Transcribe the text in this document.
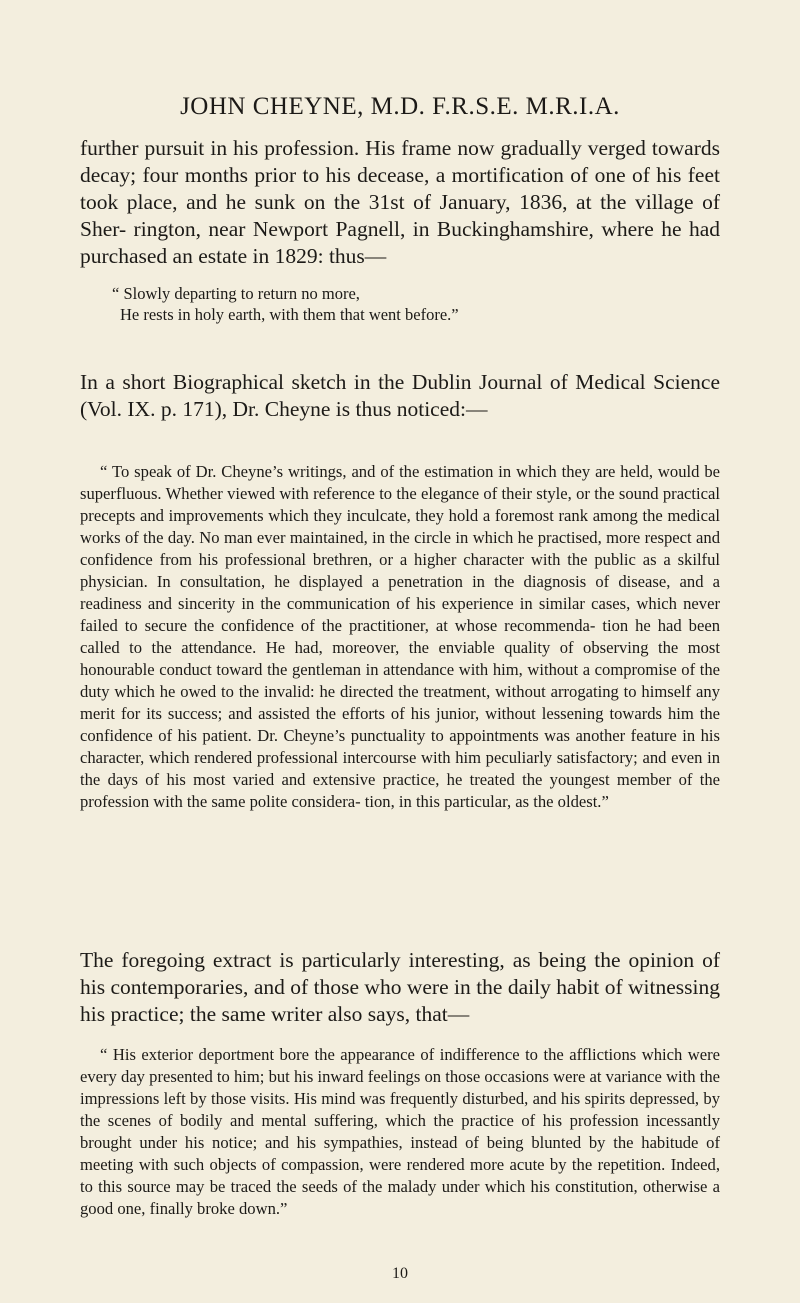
JOHN CHEYNE, M.D. F.R.S.E. M.R.I.A.

further pursuit in his profession. His frame now gradually verged towards decay; four months prior to his decease, a mortification of one of his feet took place, and he sunk on the 31st of January, 1836, at the village of Sher- rington, near Newport Pagnell, in Buckinghamshire, where he had purchased an estate in 1829: thus—

“ Slowly departing to return no more,
He rests in holy earth, with them that went before.”

In a short Biographical sketch in the Dublin Journal of Medical Science (Vol. IX. p. 171), Dr. Cheyne is thus noticed:—

“ To speak of Dr. Cheyne’s writings, and of the estimation in which they are held, would be superfluous. Whether viewed with reference to the elegance of their style, or the sound practical precepts and improvements which they inculcate, they hold a foremost rank among the medical works of the day. No man ever maintained, in the circle in which he practised, more respect and confidence from his professional brethren, or a higher character with the public as a skilful physician. In consultation, he displayed a penetration in the diagnosis of disease, and a readiness and sincerity in the communication of his experience in similar cases, which never failed to secure the confidence of the practitioner, at whose recommenda- tion he had been called to the attendance. He had, moreover, the enviable quality of observing the most honourable conduct toward the gentleman in attendance with him, without a compromise of the duty which he owed to the invalid: he directed the treatment, without arrogating to himself any merit for its success; and assisted the efforts of his junior, without lessening towards him the confidence of his patient. Dr. Cheyne’s punctuality to appointments was another feature in his character, which rendered professional intercourse with him peculiarly satisfactory; and even in the days of his most varied and extensive practice, he treated the youngest member of the profession with the same polite considera- tion, in this particular, as the oldest.”

The foregoing extract is particularly interesting, as being the opinion of his contemporaries, and of those who were in the daily habit of witnessing his practice; the same writer also says, that—

“ His exterior deportment bore the appearance of indifference to the afflictions which were every day presented to him; but his inward feelings on those occasions were at variance with the impressions left by those visits. His mind was frequently disturbed, and his spirits depressed, by the scenes of bodily and mental suffering, which the practice of his profession incessantly brought under his notice; and his sympathies, instead of being blunted by the habitude of meeting with such objects of compassion, were rendered more acute by the repetition. Indeed, to this source may be traced the seeds of the malady under which his constitution, otherwise a good one, finally broke down.”

10
